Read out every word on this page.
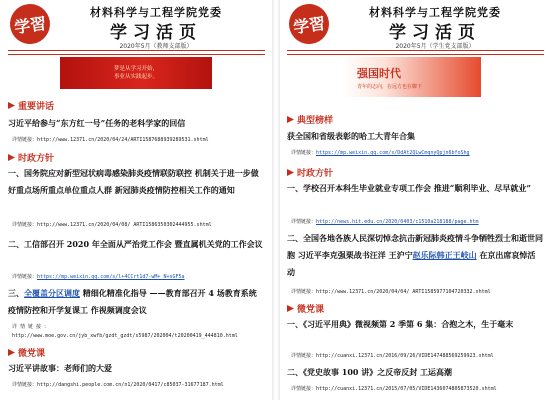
学習
材料科学与工程学院党委
学习活页
2020年5月（教师支部版）
梦是从学习开始，
事业从实践起步。
重要讲话
习近平给参与“东方红一号”任务的老科学家的回信
详情链接：http://www.12371.cn/2020/04/24/ARTI1587688939289531.shtml
时政方针
一、国务院应对新型冠状病毒感染肺炎疫情联防联控 机制关于进一步做好重点场所重点单位重点人群 新冠肺炎疫情防控相关工作的通知
详情链接：http://www.12371.cn/2020/04/08/ ARTI1586350302444955.shtml
二、工信部召开 2020 年全面从严治党工作会 暨直属机关党的工作会议
详情链接：https://mp.weixin.qq.com/s/l+4CCrt1d7-wM+_N+sGF5a
三、全覆盖分区调度 精细化精准化指导 ——教育部召开 4 场教育系统疫情防控和开学复课工 作视频调度会议
详 情 链 接 ：http://www.moe.gov.cn/jyb_xwfb/gzdt_gzdt/s5987/202004/t20200419_444810.html
微党课
习近平讲故事：老师们的大爱
详情链接：http://dangshi.people.com.cn/n1/2020/0417/c85037-31677187.html
学習
材料科学与工程学院党委
学习活页
2020年5月（学生党支部版）
强国时代
青年的志向，在远方也在脚下
典型榜样
获全国和省级表彰的哈工大青年合集
详情链接：https://mp.weixin.qq.com/s/DdAt2QLwCmqnyQpjn6bfoShg
时政方针
一、学校召开本科生毕业就业专项工作会 推进“顺利毕业、尽早就业”
详情链接：http://news.hit.edu.cn/2020/0403/c1510a218188/page.htm
二、全国各地各族人民深切悼念抗击新冠肺炎疫情斗争牺牲烈士和逝世同胞 习近平李克强栗战书汪洋 王沪宁赵乐际韩正王岐山 在京出席哀悼活动
详情链接：http://www.12371.cn/2020/04/04/ ARTI1585977104720332.shtml
微党课
一、《习近平用典》微视频第 2 季第 6 集：合抱之木，生于毫末
详情链接：http://cuanxi.12371.cn/2016/09/26/VIDE147488569259923.shtml
二、《党史故事 100 讲》之反帝反封 工运高潮
详情链接：http://cuanxi.12371.cn/2015/07/05/VIDE1436074805873520.shtml
